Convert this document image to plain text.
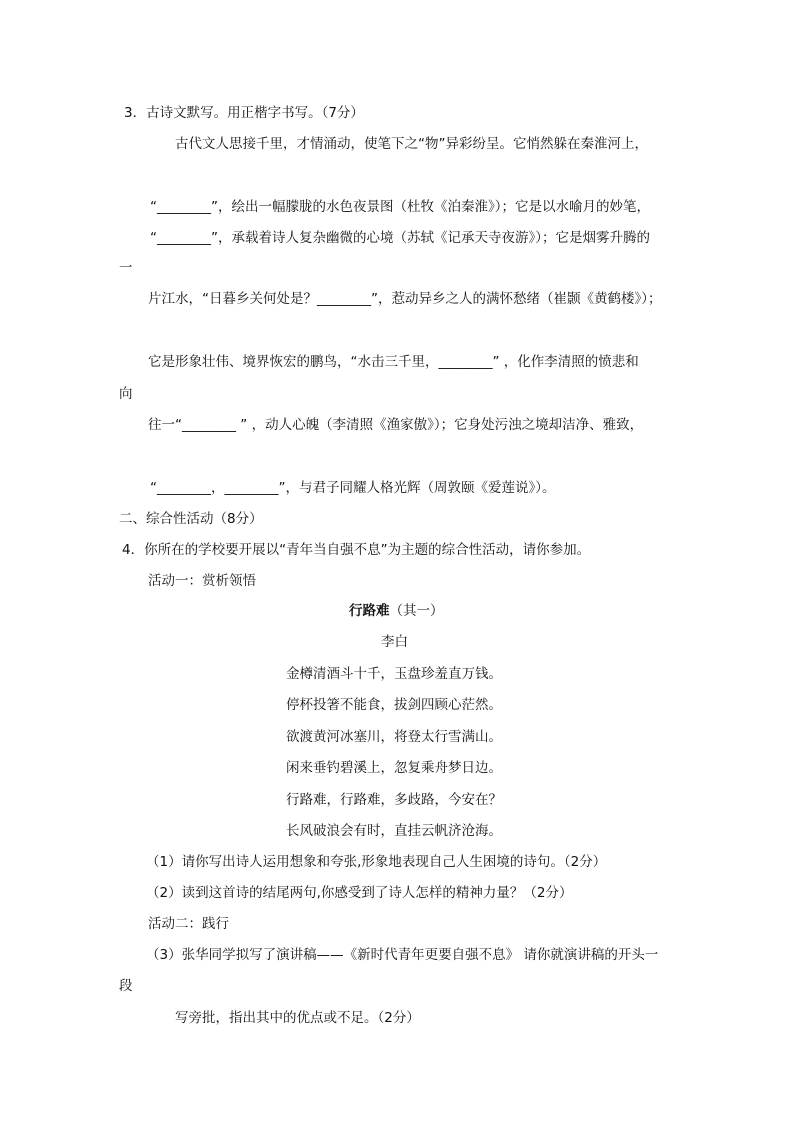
3．古诗文默写。用正楷字书写。（7分）
古代文人思接千里，才情涌动，使笔下之“物”异彩纷呈。它悄然躲在秦淮河上，
“________”，绘出一幅朦胧的水色夜景图（杜牧《泊秦淮》）；它是以水喻月的妙笔，
“________”，承载着诗人复杂幽微的心境（苏轼《记承天寺夜游》）；它是烟雾升腾的
一
片江水，“日暮乡关何处是？________”，惹动异乡之人的满怀愁绪（崔颢《黄鹤楼》）；
它是形象壮伟、境界恢宏的鹏鸟，“水击三千里，________” ，化作李清照的愤悲和
向
往一“________ ” ，动人心魄（李清照《渔家傲》）；它身处污浊之境却洁净、雅致，
“________，________”，与君子同耀人格光辉（周敦颐《爱莲说》）。
二、综合性活动（8分）
4．你所在的学校要开展以“青年当自强不息”为主题的综合性活动，请你参加。
活动一：赏析领悟
行路难（其一）
李白
金樽清酒斗十千，玉盘珍羞直万钱。
停杯投箸不能食，拔剑四顾心茫然。
欲渡黄河冰塞川，将登太行雪满山。
闲来垂钓碧溪上，忽复乘舟梦日边。
行路难，行路难，多歧路，今安在？
长风破浪会有时，直挂云帆济沧海。
（1）请你写出诗人运用想象和夸张,形象地表现自己人生困境的诗句。（2分）
（2）读到这首诗的结尾两句,你感受到了诗人怎样的精神力量？（2分）
活动二：践行
（3）张华同学拟写了演讲稿——《新时代青年更要自强不息》 请你就演讲稿的开头一
段
写旁批，指出其中的优点或不足。（2分）
